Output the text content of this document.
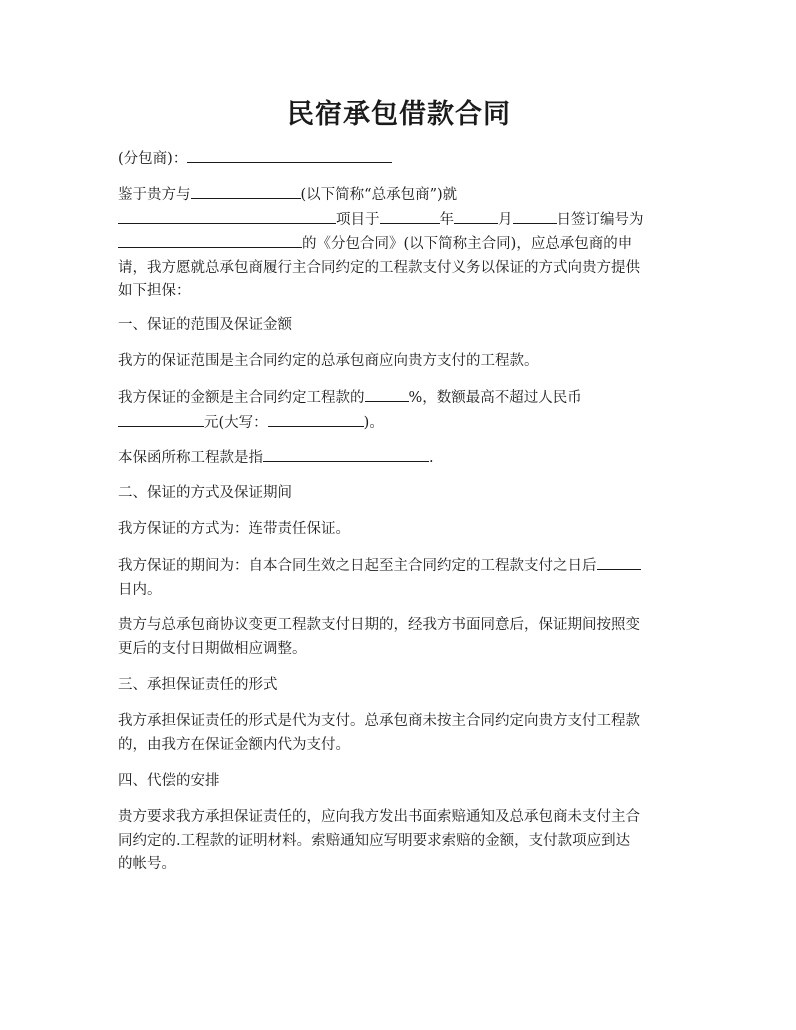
民宿承包借款合同

(分包商)：

鉴于贵方与	(以下简称“总承包商”)就
项目于	年	月	日签订编号为
的《分包合同》(以下简称主合同)，应总承包商的申
请，我方愿就总承包商履行主合同约定的工程款支付义务以保证的方式向贵方提供
如下担保：

一、保证的范围及保证金额

我方的保证范围是主合同约定的总承包商应向贵方支付的工程款。

我方保证的金额是主合同约定工程款的	%，数额最高不超过人民币
元(大写：	)。

本保函所称工程款是指	.

二、保证的方式及保证期间

我方保证的方式为：连带责任保证。

我方保证的期间为：自本合同生效之日起至主合同约定的工程款支付之日后
日内。

贵方与总承包商协议变更工程款支付日期的，经我方书面同意后，保证期间按照变
更后的支付日期做相应调整。

三、承担保证责任的形式

我方承担保证责任的形式是代为支付。总承包商未按主合同约定向贵方支付工程款
的，由我方在保证金额内代为支付。

四、代偿的安排

贵方要求我方承担保证责任的，应向我方发出书面索赔通知及总承包商未支付主合
同约定的.工程款的证明材料。索赔通知应写明要求索赔的金额，支付款项应到达
的帐号。
